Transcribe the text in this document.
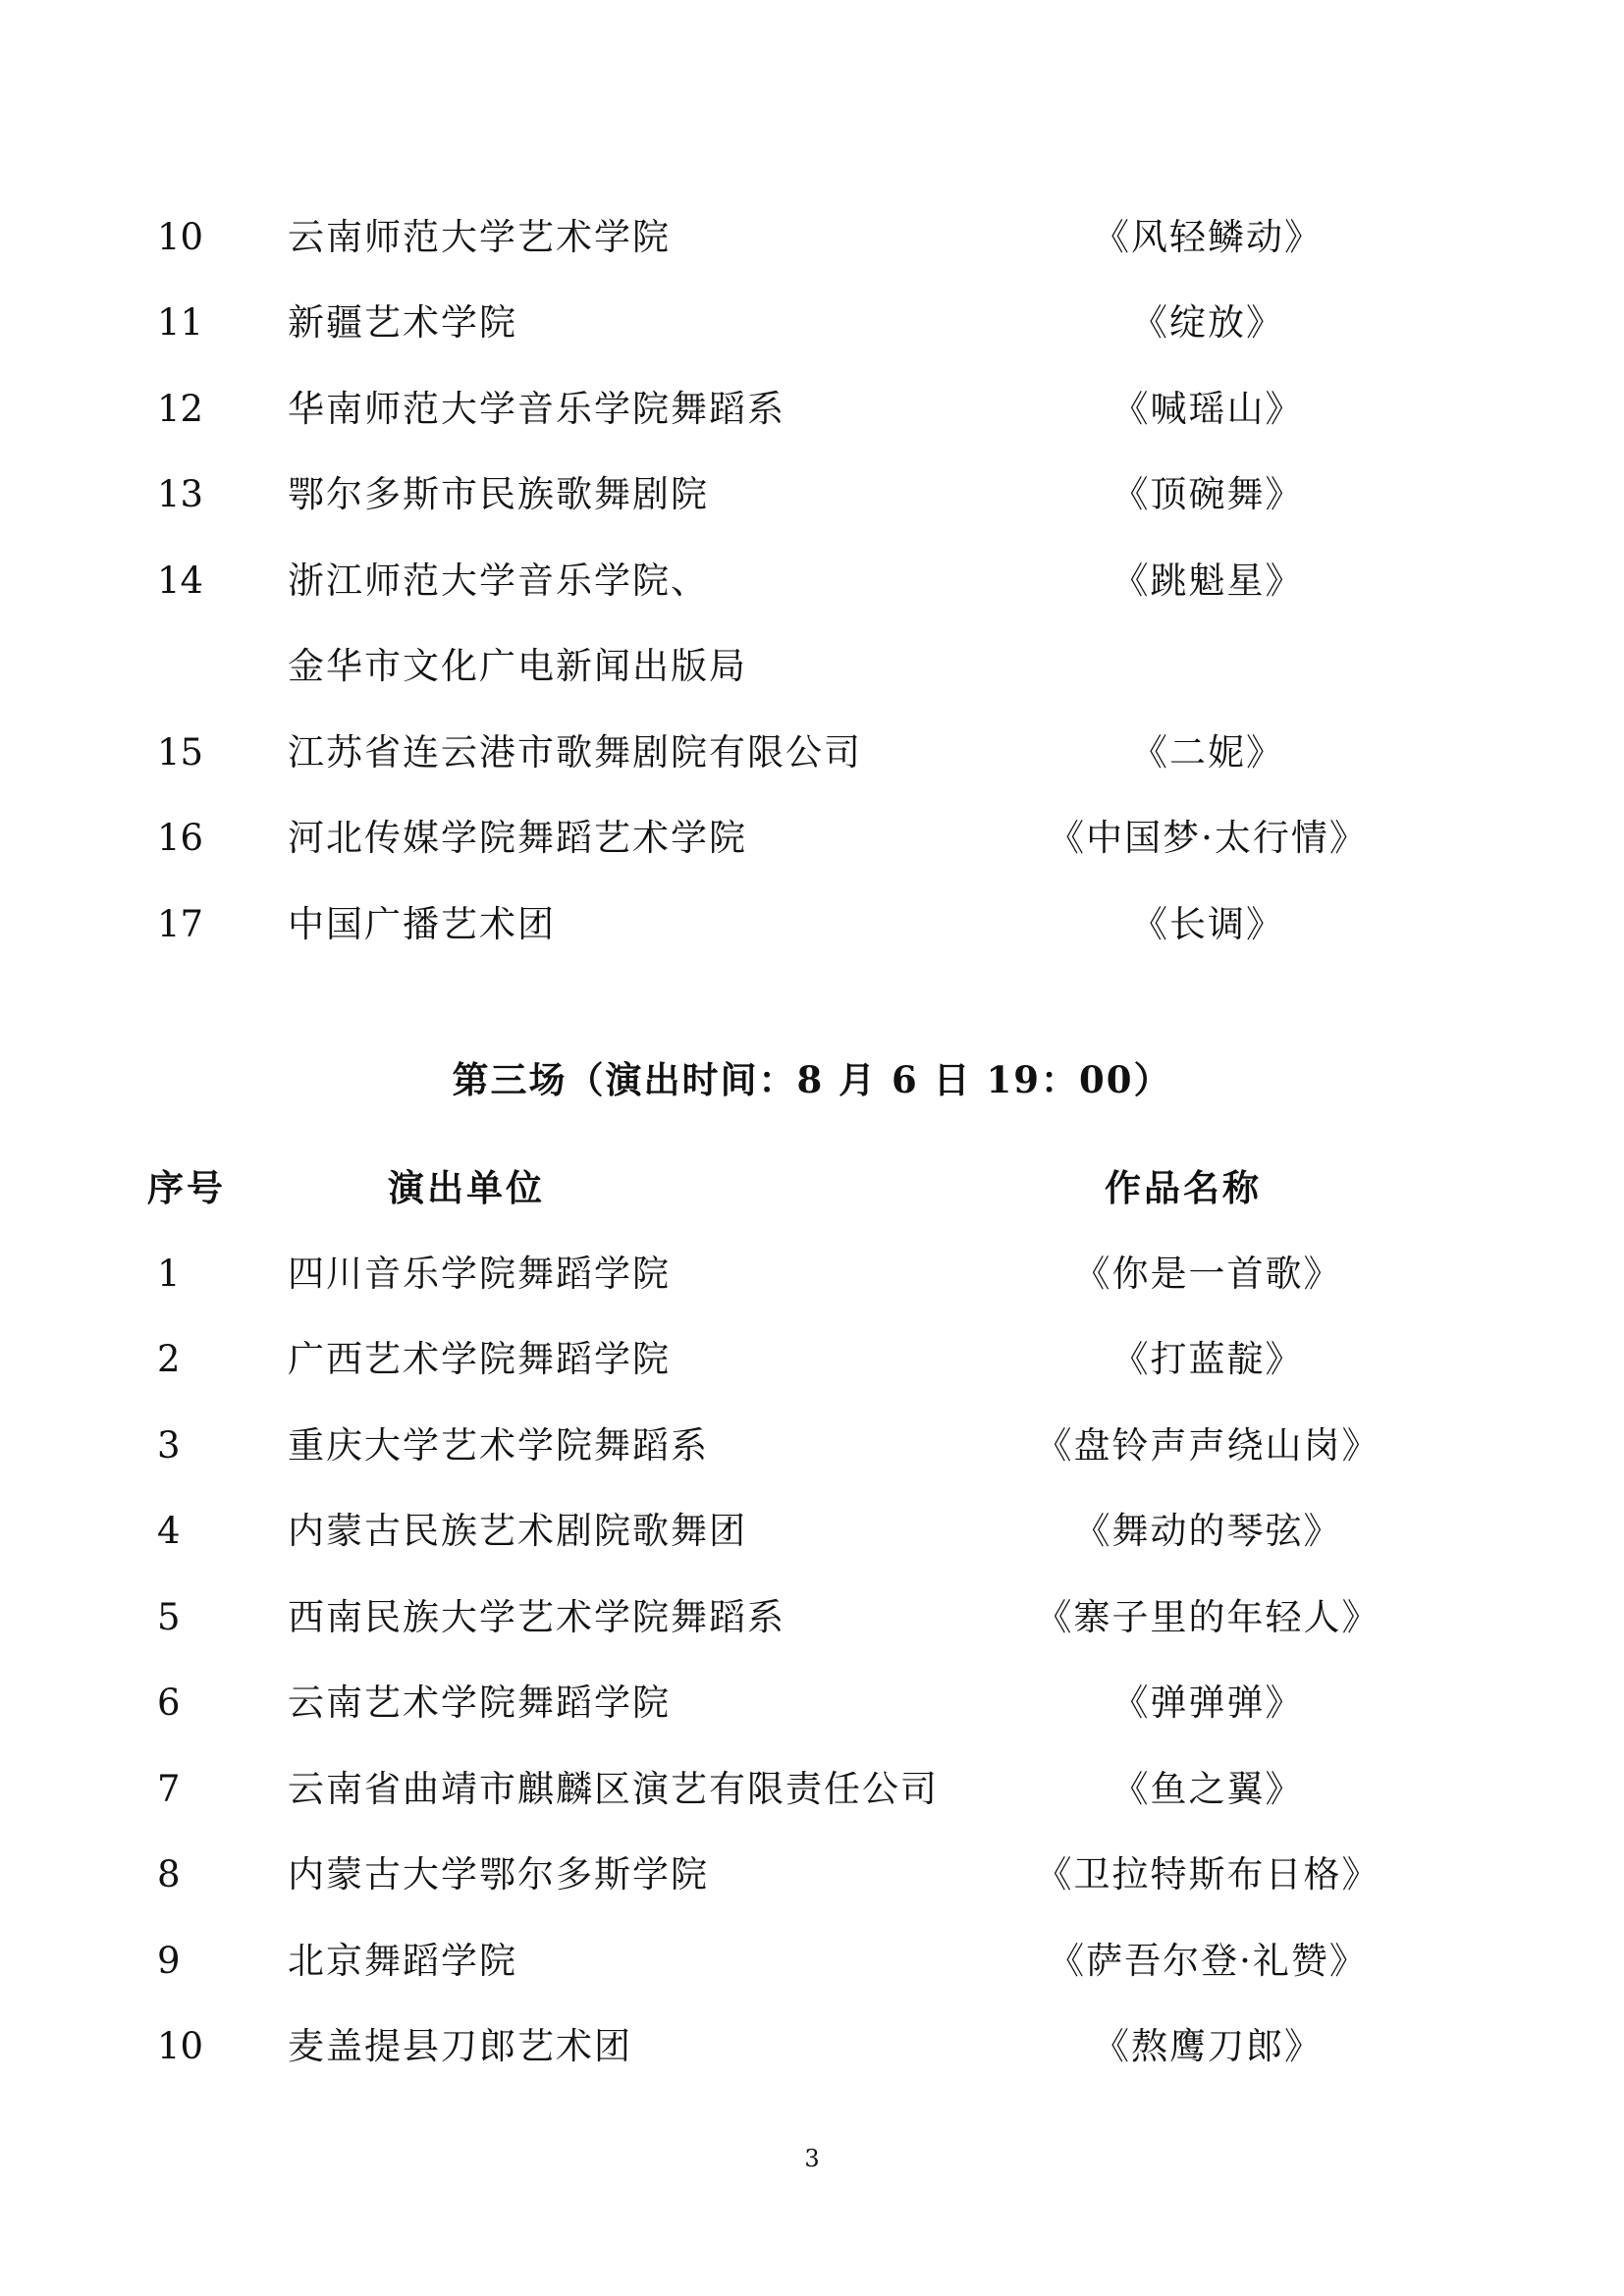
10 云南师范大学艺术学院	《风轻鳞动》
11 新疆艺术学院	《绽放》
12 华南师范大学音乐学院舞蹈系	《喊瑶山》
13 鄂尔多斯市民族歌舞剧院	《顶碗舞》
14 浙江师范大学音乐学院、	《跳魁星》
金华市文化广电新闻出版局
15 江苏省连云港市歌舞剧院有限公司	《二妮》
16 河北传媒学院舞蹈艺术学院	《中国梦·太行情》
17 中国广播艺术团	《长调》
第三场（演出时间：8 月 6 日 19：00）
序号	演出单位	作品名称
1	四川音乐学院舞蹈学院	《你是一首歌》
2	广西艺术学院舞蹈学院	《打蓝靛》
3	重庆大学艺术学院舞蹈系	《盘铃声声绕山岗》
4	内蒙古民族艺术剧院歌舞团	《舞动的琴弦》
5	西南民族大学艺术学院舞蹈系	《寨子里的年轻人》
6	云南艺术学院舞蹈学院	《弹弹弹》
7	云南省曲靖市麒麟区演艺有限责任公司	《鱼之翼》
8	内蒙古大学鄂尔多斯学院	《卫拉特斯布日格》
9	北京舞蹈学院	《萨吾尔登·礼赞》
10 麦盖提县刀郎艺术团	《熬鹰刀郎》
3
